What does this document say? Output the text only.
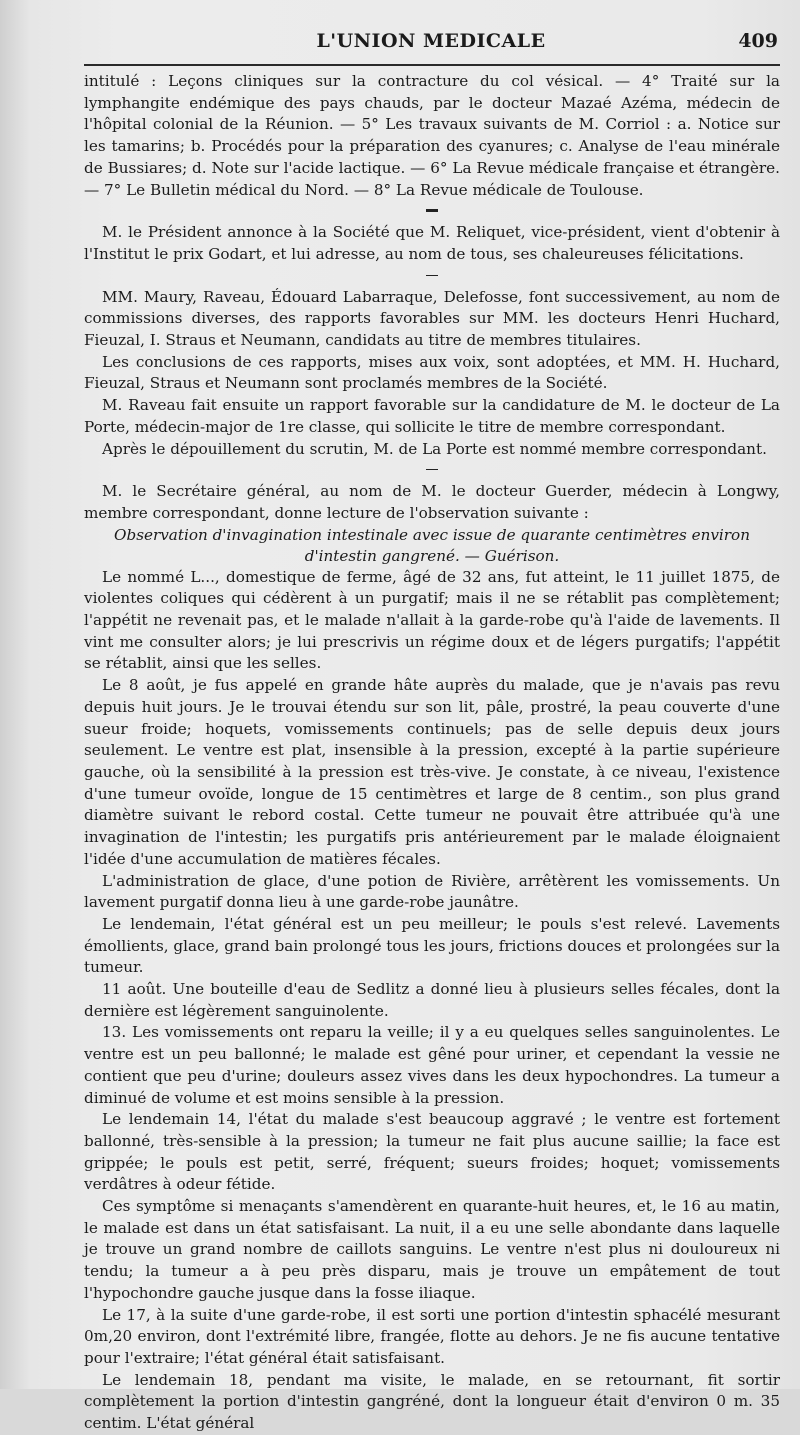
L'UNION MEDICALE	409

intitulé : Leçons cliniques sur la contracture du col vésical. — 4° Traité sur la lymphangite endémique des pays chauds, par le docteur Mazaé Azéma, médecin de l'hôpital colonial de la Réunion. — 5° Les travaux suivants de M. Corriol : a. Notice sur les tamarins; b. Procédés pour la préparation des cyanures; c. Analyse de l'eau minérale de Bussiares; d. Note sur l'acide lactique. — 6° La Revue médicale française et étrangère. — 7° Le Bulletin médical du Nord. — 8° La Revue médicale de Toulouse.

M. le Président annonce à la Société que M. Reliquet, vice-président, vient d'obtenir à l'Institut le prix Godart, et lui adresse, au nom de tous, ses chaleureuses félicitations.

MM. Maury, Raveau, Édouard Labarraque, Delefosse, font successivement, au nom de commissions diverses, des rapports favorables sur MM. les docteurs Henri Huchard, Fieuzal, I. Straus et Neumann, candidats au titre de membres titulaires.

Les conclusions de ces rapports, mises aux voix, sont adoptées, et MM. H. Huchard, Fieuzal, Straus et Neumann sont proclamés membres de la Société.

M. Raveau fait ensuite un rapport favorable sur la candidature de M. le docteur de La Porte, médecin-major de 1re classe, qui sollicite le titre de membre correspondant.

Après le dépouillement du scrutin, M. de La Porte est nommé membre correspondant.

M. le Secrétaire général, au nom de M. le docteur Guerder, médecin à Longwy, membre correspondant, donne lecture de l'observation suivante :

Observation d'invagination intestinale avec issue de quarante centimètres environ d'intestin gangrené. — Guérison.

Le nommé L..., domestique de ferme, âgé de 32 ans, fut atteint, le 11 juillet 1875, de violentes coliques qui cédèrent à un purgatif; mais il ne se rétablit pas complètement; l'appétit ne revenait pas, et le malade n'allait à la garde-robe qu'à l'aide de lavements. Il vint me consulter alors; je lui prescrivis un régime doux et de légers purgatifs; l'appétit se rétablit, ainsi que les selles.

Le 8 août, je fus appelé en grande hâte auprès du malade, que je n'avais pas revu depuis huit jours. Je le trouvai étendu sur son lit, pâle, prostré, la peau couverte d'une sueur froide; hoquets, vomissements continuels; pas de selle depuis deux jours seulement. Le ventre est plat, insensible à la pression, excepté à la partie supérieure gauche, où la sensibilité à la pression est très-vive. Je constate, à ce niveau, l'existence d'une tumeur ovoïde, longue de 15 centimètres et large de 8 centim., son plus grand diamètre suivant le rebord costal. Cette tumeur ne pouvait être attribuée qu'à une invagination de l'intestin; les purgatifs pris antérieurement par le malade éloignaient l'idée d'une accumulation de matières fécales.

L'administration de glace, d'une potion de Rivière, arrêtèrent les vomissements. Un lavement purgatif donna lieu à une garde-robe jaunâtre.

Le lendemain, l'état général est un peu meilleur; le pouls s'est relevé. Lavements émollients, glace, grand bain prolongé tous les jours, frictions douces et prolongées sur la tumeur.

11 août. Une bouteille d'eau de Sedlitz a donné lieu à plusieurs selles fécales, dont la dernière est légèrement sanguinolente.

13. Les vomissements ont reparu la veille; il y a eu quelques selles sanguinolentes. Le ventre est un peu ballonné; le malade est gêné pour uriner, et cependant la vessie ne contient que peu d'urine; douleurs assez vives dans les deux hypochondres. La tumeur a diminué de volume et est moins sensible à la pression.

Le lendemain 14, l'état du malade s'est beaucoup aggravé ; le ventre est fortement ballonné, très-sensible à la pression; la tumeur ne fait plus aucune saillie; la face est grippée; le pouls est petit, serré, fréquent; sueurs froides; hoquet; vomissements verdâtres à odeur fétide.

Ces symptôme si menaçants s'amendèrent en quarante-huit heures, et, le 16 au matin, le malade est dans un état satisfaisant. La nuit, il a eu une selle abondante dans laquelle je trouve un grand nombre de caillots sanguins. Le ventre n'est plus ni douloureux ni tendu; la tumeur a à peu près disparu, mais je trouve un empâtement de tout l'hypochondre gauche jusque dans la fosse iliaque.

Le 17, à la suite d'une garde-robe, il est sorti une portion d'intestin sphacélé mesurant 0m,20 environ, dont l'extrémité libre, frangée, flotte au dehors. Je ne fis aucune tentative pour l'extraire; l'état général était satisfaisant.

Le lendemain 18, pendant ma visite, le malade, en se retournant, fit sortir complètement la portion d'intestin gangréné, dont la longueur était d'environ 0 m. 35 centim. L'état général
